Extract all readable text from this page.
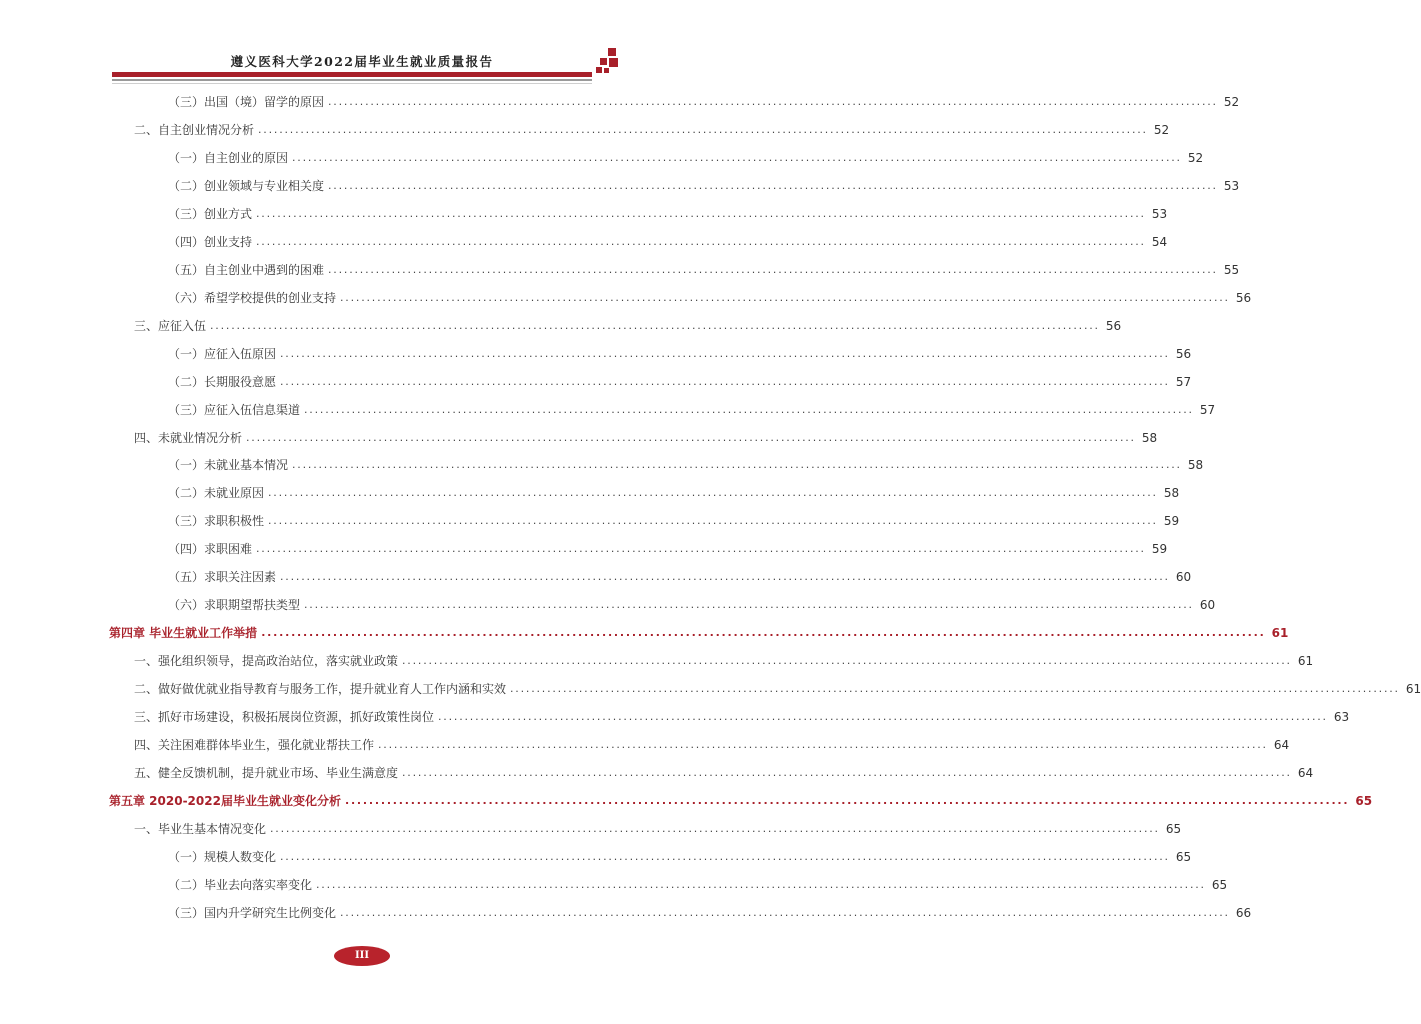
遵义医科大学2022届毕业生就业质量报告
（三）出国（境）留学的原因 .....	52
二、自主创业情况分析 .....	52
（一）自主创业的原因 .....	52
（二）创业领域与专业相关度 .....	53
（三）创业方式 .....	53
（四）创业支持 .....	54
（五）自主创业中遇到的困难 .....	55
（六）希望学校提供的创业支持 .....	56
三、应征入伍 .....	56
（一）应征入伍原因 .....	56
（二）长期服役意愿 .....	57
（三）应征入伍信息渠道 .....	57
四、未就业情况分析 .....	58
（一）未就业基本情况 .....	58
（二）未就业原因 .....	58
（三）求职积极性 .....	59
（四）求职困难 .....	59
（五）求职关注因素 .....	60
（六）求职期望帮扶类型 .....	60
第四章 毕业生就业工作举措 .....	61
一、强化组织领导，提高政治站位，落实就业政策 .....	61
二、做好做优就业指导教育与服务工作，提升就业育人工作内涵和实效 .....	61
三、抓好市场建设，积极拓展岗位资源，抓好政策性岗位 .....	63
四、关注困难群体毕业生，强化就业帮扶工作 .....	64
五、健全反馈机制，提升就业市场、毕业生满意度 .....	64
第五章 2020-2022届毕业生就业变化分析 .....	65
一、毕业生基本情况变化 .....	65
（一）规模人数变化 .....	65
（二）毕业去向落实率变化 .....	65
（三）国内升学研究生比例变化 .....	66
III
